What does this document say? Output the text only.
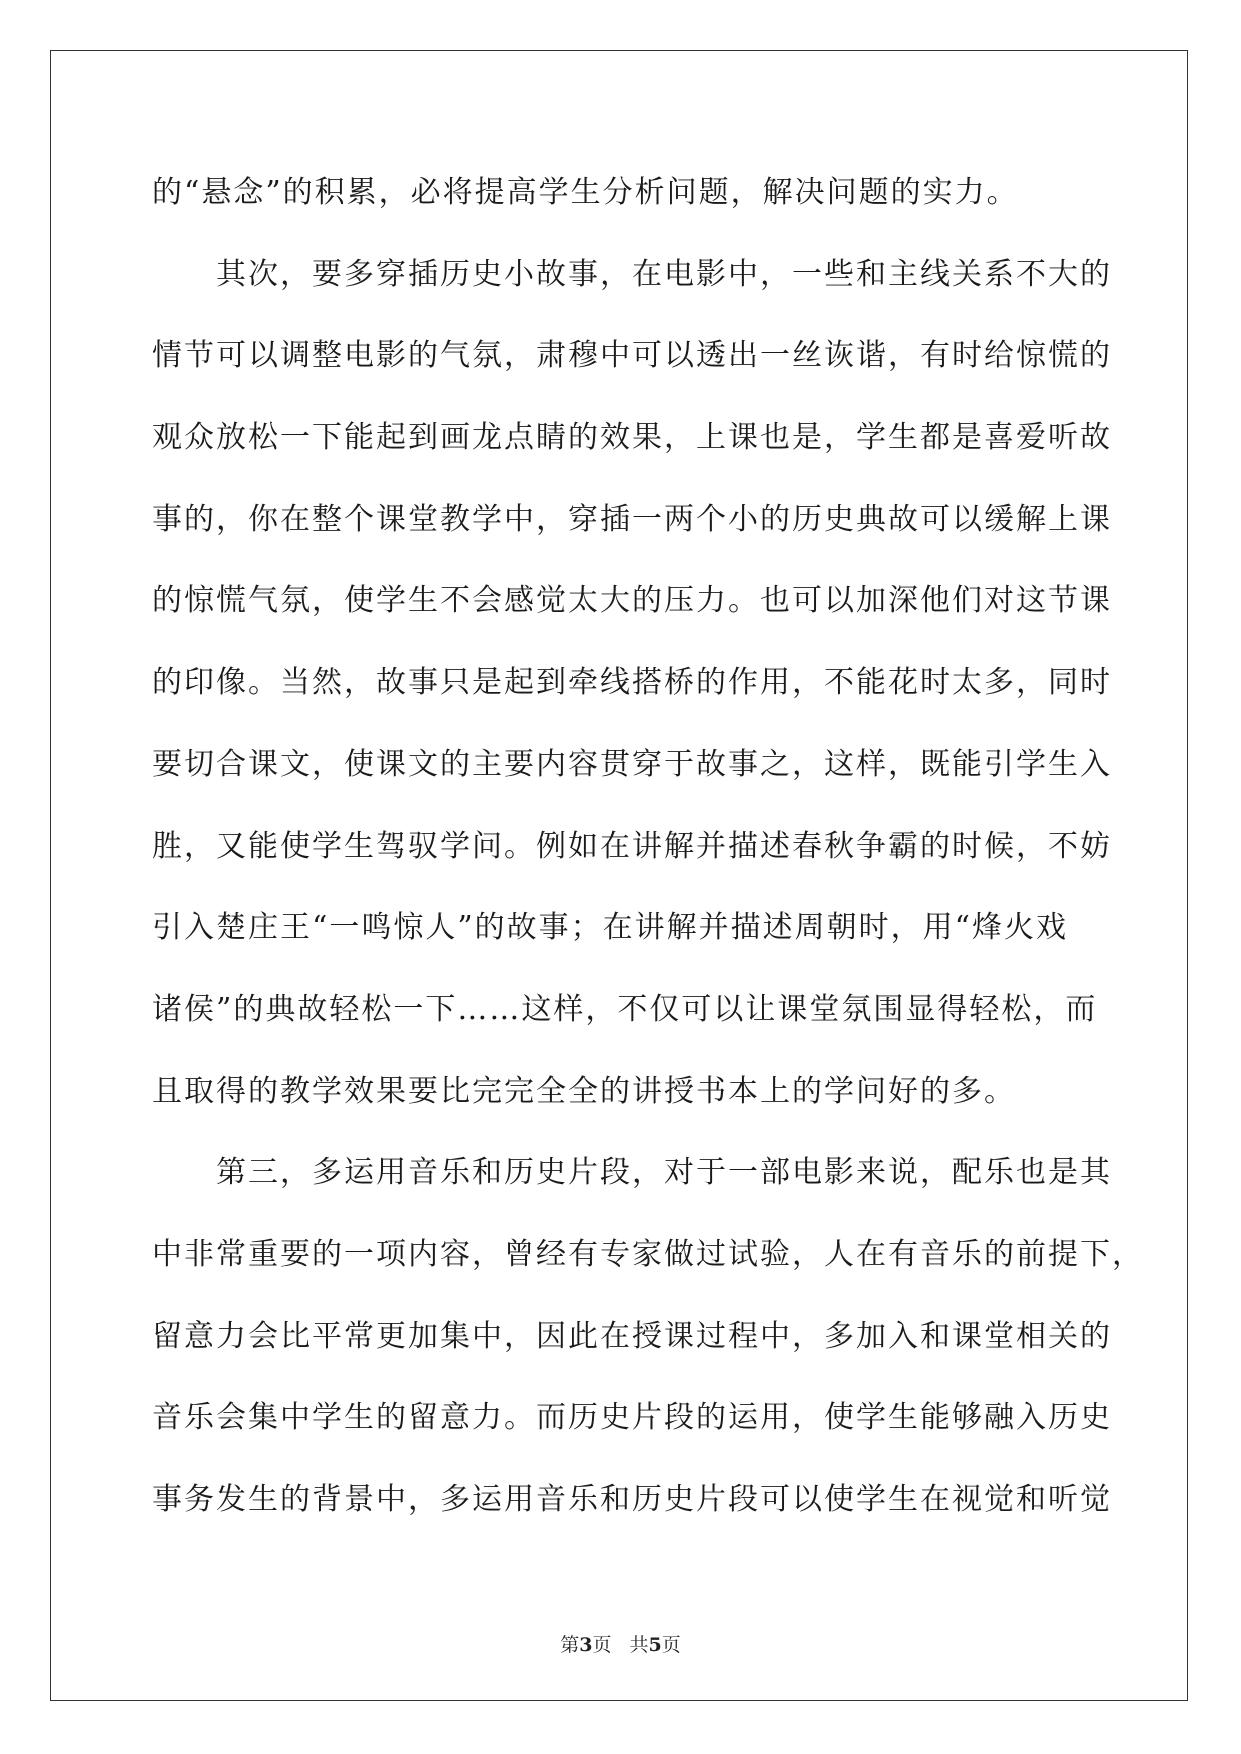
的“悬念”的积累，必将提高学生分析问题，解决问题的实力。
其次，要多穿插历史小故事，在电影中，一些和主线关系不大的
情节可以调整电影的气氛，肃穆中可以透出一丝诙谐，有时给惊慌的
观众放松一下能起到画龙点睛的效果，上课也是，学生都是喜爱听故
事的，你在整个课堂教学中，穿插一两个小的历史典故可以缓解上课
的惊慌气氛，使学生不会感觉太大的压力。也可以加深他们对这节课
的印像。当然，故事只是起到牵线搭桥的作用，不能花时太多，同时
要切合课文，使课文的主要内容贯穿于故事之，这样，既能引学生入
胜，又能使学生驾驭学问。例如在讲解并描述春秋争霸的时候，不妨
引入楚庄王“一鸣惊人”的故事；在讲解并描述周朝时，用“烽火戏
诸侯”的典故轻松一下……这样，不仅可以让课堂氛围显得轻松，而
且取得的教学效果要比完完全全的讲授书本上的学问好的多。
第三，多运用音乐和历史片段，对于一部电影来说，配乐也是其
中非常重要的一项内容，曾经有专家做过试验，人在有音乐的前提下，
留意力会比平常更加集中，因此在授课过程中，多加入和课堂相关的
音乐会集中学生的留意力。而历史片段的运用，使学生能够融入历史
事务发生的背景中，多运用音乐和历史片段可以使学生在视觉和听觉
第3页 共5页
